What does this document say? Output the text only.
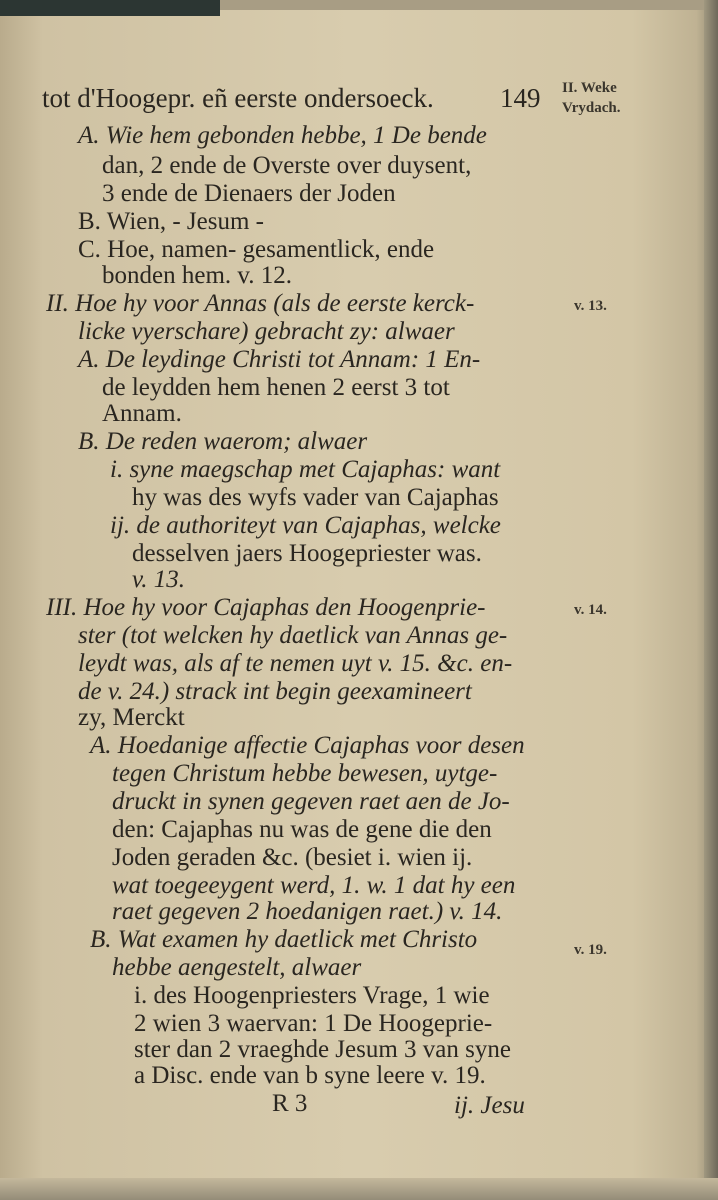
tot d'Hoogepr. eñ eerste ondersoeck. 149 II. Weke
Vrydach.
v. 13.
v. 14.
v. 19.
A. Wie hem gebonden hebbe, 1 De bende
dan, 2 ende de Overste over duysent,
3 ende de Dienaers der Joden
B. Wien, - Jesum -
C. Hoe, namen- gesamentlick, ende
bonden hem. v. 12.
II. Hoe hy voor Annas (als de eerste kerck-
licke vyerschare) gebracht zy: alwaer
A. De leydinge Christi tot Annam: 1 En-
de leydden hem henen 2 eerst 3 tot
Annam.
B. De reden waerom; alwaer
i. syne maegschap met Cajaphas: want
hy was des wyfs vader van Cajaphas
ij. de authoriteyt van Cajaphas, welcke
desselven jaers Hoogepriester was.
v. 13.
III. Hoe hy voor Cajaphas den Hoogenprie-
ster (tot welcken hy daetlick van Annas ge-
leydt was, als af te nemen uyt v. 15. &c. en-
de v. 24.) strack int begin geexamineert
zy, Merckt
A. Hoedanige affectie Cajaphas voor desen
tegen Christum hebbe bewesen, uytge-
druckt in synen gegeven raet aen de Jo-
den: Cajaphas nu was de gene die den
Joden geraden &c. (besiet i. wien ij.
wat toegeeygent werd, 1. w. 1 dat hy een
raet gegeven 2 hoedanigen raet.) v. 14.
B. Wat examen hy daetlick met Christo
hebbe aengestelt, alwaer
i. des Hoogenpriesters Vrage, 1 wie
2 wien 3 waervan: 1 De Hoogeprie-
ster dan 2 vraeghde Jesum 3 van syne
a Disc. ende van b syne leere v. 19.
R 3	ij. Jesu
